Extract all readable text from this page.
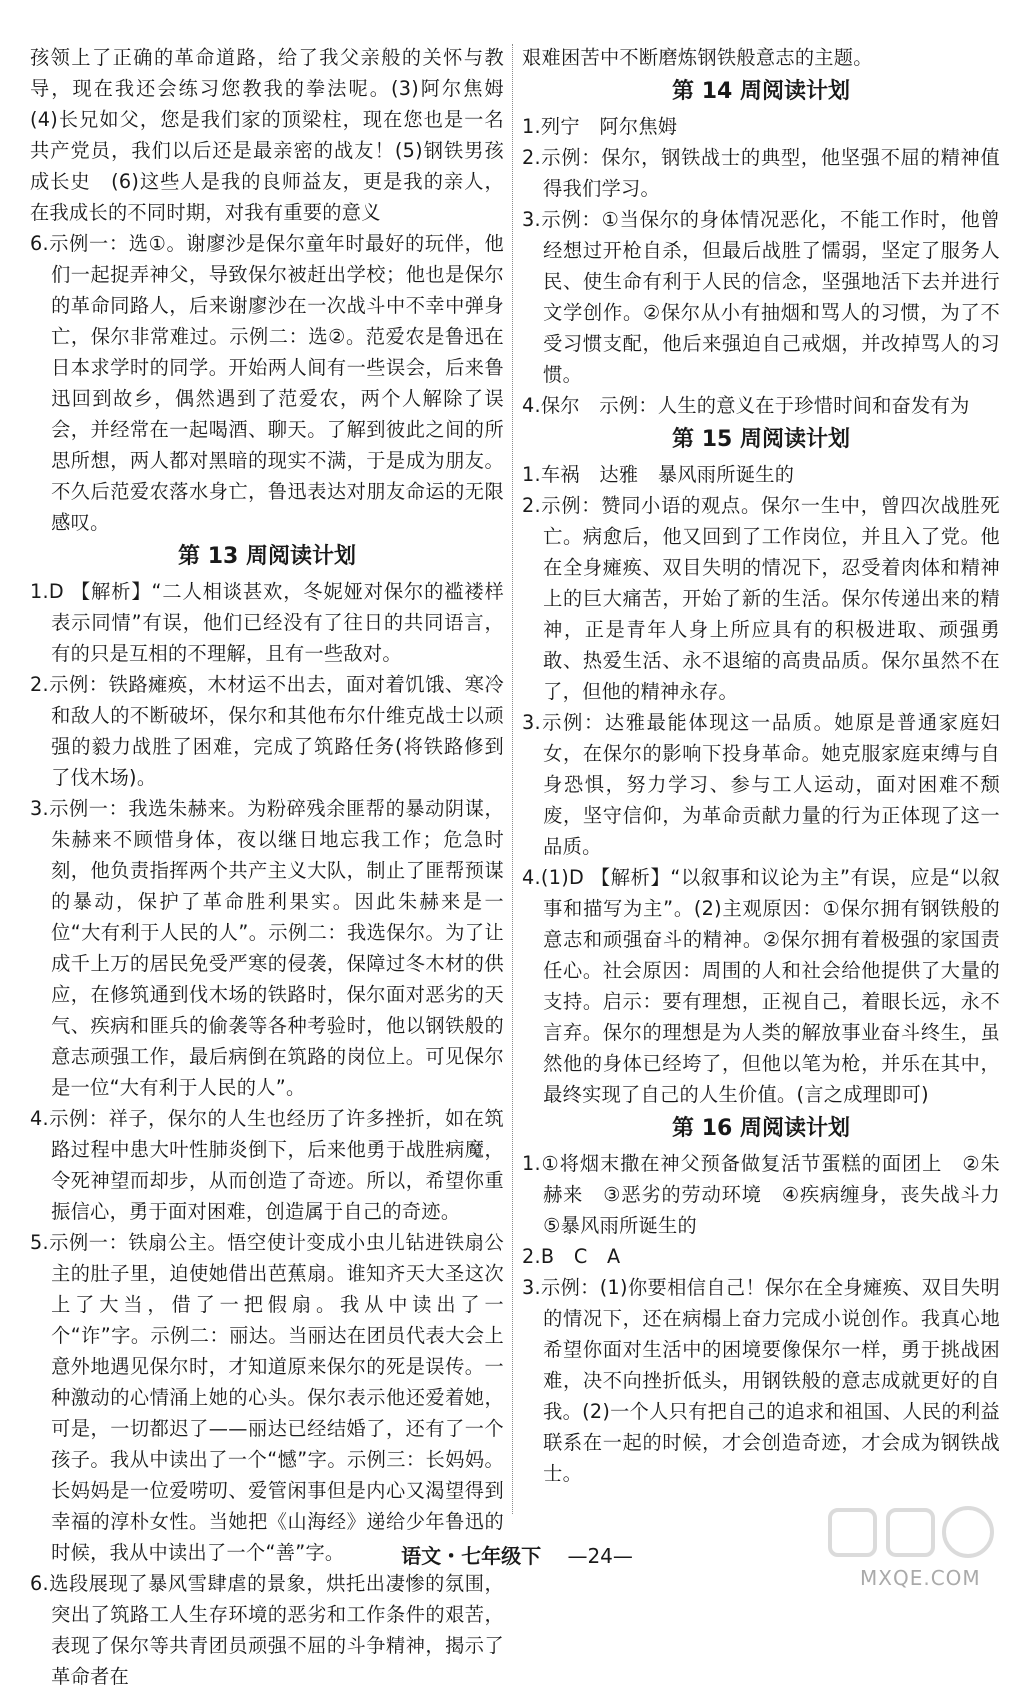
孩领上了正确的革命道路，给了我父亲般的关怀与教导，现在我还会练习您教我的拳法呢。(3)阿尔焦姆　(4)长兄如父，您是我们家的顶梁柱，现在您也是一名共产党员，我们以后还是最亲密的战友！(5)钢铁男孩成长史　(6)这些人是我的良师益友，更是我的亲人，在我成长的不同时期，对我有重要的意义
6.示例一：选①。谢廖沙是保尔童年时最好的玩伴，他们一起捉弄神父，导致保尔被赶出学校；他也是保尔的革命同路人，后来谢廖沙在一次战斗中不幸中弹身亡，保尔非常难过。示例二：选②。范爱农是鲁迅在日本求学时的同学。开始两人间有一些误会，后来鲁迅回到故乡，偶然遇到了范爱农，两个人解除了误会，并经常在一起喝酒、聊天。了解到彼此之间的所思所想，两人都对黑暗的现实不满，于是成为朋友。不久后范爱农落水身亡，鲁迅表达对朋友命运的无限感叹。
第 13 周阅读计划
1.D 【解析】“二人相谈甚欢，冬妮娅对保尔的褴褛样表示同情”有误，他们已经没有了往日的共同语言，有的只是互相的不理解，且有一些敌对。
2.示例：铁路瘫痪，木材运不出去，面对着饥饿、寒冷和敌人的不断破坏，保尔和其他布尔什维克战士以顽强的毅力战胜了困难，完成了筑路任务(将铁路修到了伐木场)。
3.示例一：我选朱赫来。为粉碎残余匪帮的暴动阴谋，朱赫来不顾惜身体，夜以继日地忘我工作；危急时刻，他负责指挥两个共产主义大队，制止了匪帮预谋的暴动，保护了革命胜利果实。因此朱赫来是一位“大有利于人民的人”。示例二：我选保尔。为了让成千上万的居民免受严寒的侵袭，保障过冬木材的供应，在修筑通到伐木场的铁路时，保尔面对恶劣的天气、疾病和匪兵的偷袭等各种考验时，他以钢铁般的意志顽强工作，最后病倒在筑路的岗位上。可见保尔是一位“大有利于人民的人”。
4.示例：祥子，保尔的人生也经历了许多挫折，如在筑路过程中患大叶性肺炎倒下，后来他勇于战胜病魔，令死神望而却步，从而创造了奇迹。所以，希望你重振信心，勇于面对困难，创造属于自己的奇迹。
5.示例一：铁扇公主。悟空使计变成小虫儿钻进铁扇公主的肚子里，迫使她借出芭蕉扇。谁知齐天大圣这次上了大当，借了一把假扇。我从中读出了一个“诈”字。示例二：丽达。当丽达在团员代表大会上意外地遇见保尔时，才知道原来保尔的死是误传。一种激动的心情涌上她的心头。保尔表示他还爱着她，可是，一切都迟了——丽达已经结婚了，还有了一个孩子。我从中读出了一个“憾”字。示例三：长妈妈。长妈妈是一位爱唠叨、爱管闲事但是内心又渴望得到幸福的淳朴女性。当她把《山海经》递给少年鲁迅的时候，我从中读出了一个“善”字。
6.选段展现了暴风雪肆虐的景象，烘托出凄惨的氛围，突出了筑路工人生存环境的恶劣和工作条件的艰苦，表现了保尔等共青团员顽强不屈的斗争精神，揭示了革命者在
艰难困苦中不断磨炼钢铁般意志的主题。
第 14 周阅读计划
1.列宁　阿尔焦姆
2.示例：保尔，钢铁战士的典型，他坚强不屈的精神值得我们学习。
3.示例：①当保尔的身体情况恶化，不能工作时，他曾经想过开枪自杀，但最后战胜了懦弱，坚定了服务人民、使生命有利于人民的信念，坚强地活下去并进行文学创作。②保尔从小有抽烟和骂人的习惯，为了不受习惯支配，他后来强迫自己戒烟，并改掉骂人的习惯。
4.保尔　示例：人生的意义在于珍惜时间和奋发有为
第 15 周阅读计划
1.车祸　达雅　暴风雨所诞生的
2.示例：赞同小语的观点。保尔一生中，曾四次战胜死亡。病愈后，他又回到了工作岗位，并且入了党。他在全身瘫痪、双目失明的情况下，忍受着肉体和精神上的巨大痛苦，开始了新的生活。保尔传递出来的精神，正是青年人身上所应具有的积极进取、顽强勇敢、热爱生活、永不退缩的高贵品质。保尔虽然不在了，但他的精神永存。
3.示例：达雅最能体现这一品质。她原是普通家庭妇女，在保尔的影响下投身革命。她克服家庭束缚与自身恐惧，努力学习、参与工人运动，面对困难不颓废，坚守信仰，为革命贡献力量的行为正体现了这一品质。
4.(1)D 【解析】“以叙事和议论为主”有误，应是“以叙事和描写为主”。(2)主观原因：①保尔拥有钢铁般的意志和顽强奋斗的精神。②保尔拥有着极强的家国责任心。社会原因：周围的人和社会给他提供了大量的支持。启示：要有理想，正视自己，着眼长远，永不言弃。保尔的理想是为人类的解放事业奋斗终生，虽然他的身体已经垮了，但他以笔为枪，并乐在其中，最终实现了自己的人生价值。(言之成理即可)
第 16 周阅读计划
1.①将烟末撒在神父预备做复活节蛋糕的面团上　②朱赫来　③恶劣的劳动环境　④疾病缠身，丧失战斗力　⑤暴风雨所诞生的
2.B　C　A
3.示例：(1)你要相信自己！保尔在全身瘫痪、双目失明的情况下，还在病榻上奋力完成小说创作。我真心地希望你面对生活中的困境要像保尔一样，勇于挑战困难，决不向挫折低头，用钢铁般的意志成就更好的自我。(2)一个人只有把自己的追求和祖国、人民的利益联系在一起的时候，才会创造奇迹，才会成为钢铁战士。
语文・七年级下 —24—
MXQE.COM
